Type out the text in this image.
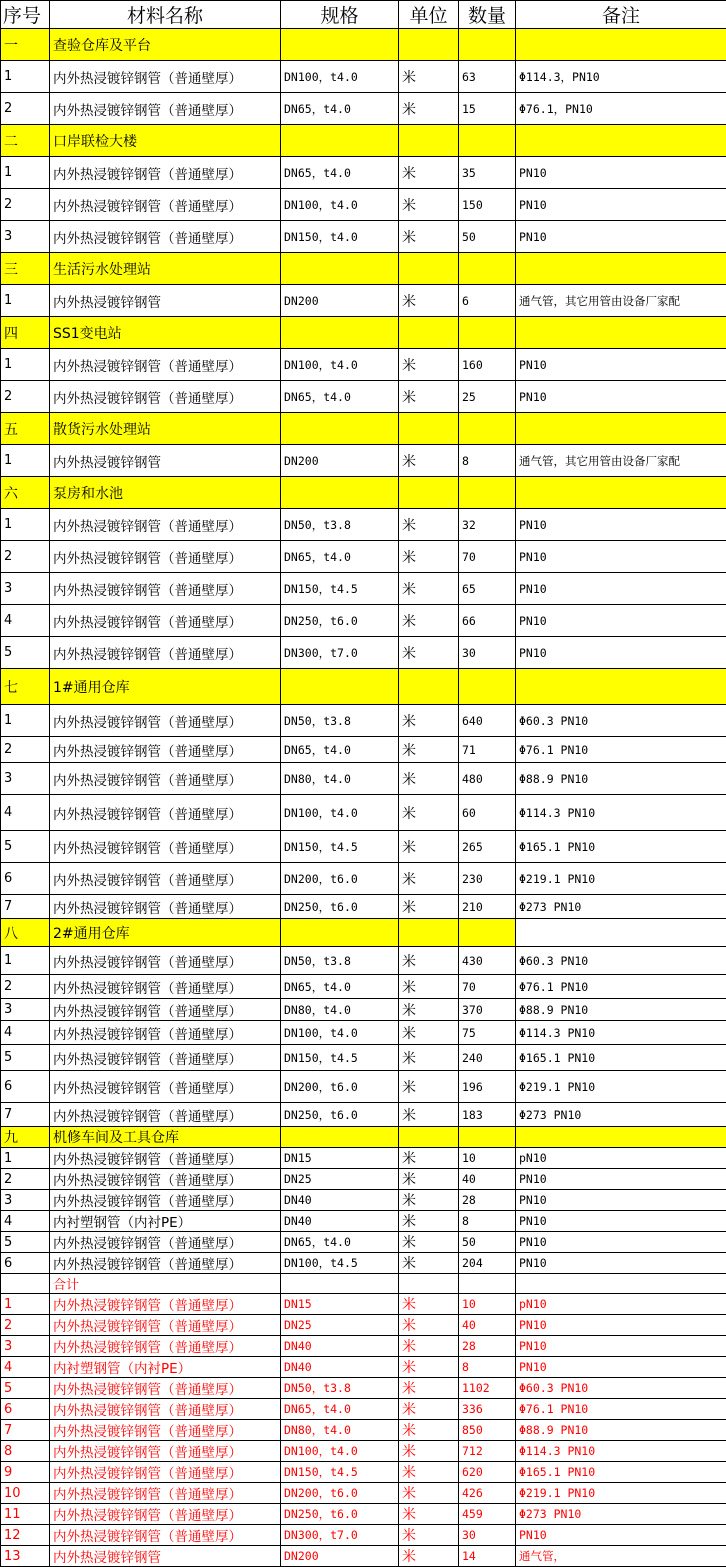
序号	材料名称	规格	单位	数量	备注
一	查验仓库及平台				
1	内外热浸镀锌钢管（普通壁厚）	DN100，t4.0	米	63	Φ114.3，PN10
2	内外热浸镀锌钢管（普通壁厚）	DN65，t4.0	米	15	Φ76.1，PN10
二	口岸联检大楼				
1	内外热浸镀锌钢管（普通壁厚）	DN65，t4.0	米	35	PN10
2	内外热浸镀锌钢管（普通壁厚）	DN100，t4.0	米	150	PN10
3	内外热浸镀锌钢管（普通壁厚）	DN150，t4.0	米	50	PN10
三	生活污水处理站				
1	内外热浸镀锌钢管	DN200	米	6	通气管，其它用管由设备厂家配
四	SS1变电站				
1	内外热浸镀锌钢管（普通壁厚）	DN100，t4.0	米	160	PN10
2	内外热浸镀锌钢管（普通壁厚）	DN65，t4.0	米	25	PN10
五	散货污水处理站				
1	内外热浸镀锌钢管	DN200	米	8	通气管，其它用管由设备厂家配
六	泵房和水池				
1	内外热浸镀锌钢管（普通壁厚）	DN50，t3.8	米	32	PN10
2	内外热浸镀锌钢管（普通壁厚）	DN65，t4.0	米	70	PN10
3	内外热浸镀锌钢管（普通壁厚）	DN150，t4.5	米	65	PN10
4	内外热浸镀锌钢管（普通壁厚）	DN250，t6.0	米	66	PN10
5	内外热浸镀锌钢管（普通壁厚）	DN300，t7.0	米	30	PN10
七	1#通用仓库				
1	内外热浸镀锌钢管（普通壁厚）	DN50，t3.8	米	640	Φ60.3 PN10
2	内外热浸镀锌钢管（普通壁厚）	DN65，t4.0	米	71	Φ76.1 PN10
3	内外热浸镀锌钢管（普通壁厚）	DN80，t4.0	米	480	Φ88.9 PN10
4	内外热浸镀锌钢管（普通壁厚）	DN100，t4.0	米	60	Φ114.3 PN10
5	内外热浸镀锌钢管（普通壁厚）	DN150，t4.5	米	265	Φ165.1 PN10
6	内外热浸镀锌钢管（普通壁厚）	DN200，t6.0	米	230	Φ219.1 PN10
7	内外热浸镀锌钢管（普通壁厚）	DN250，t6.0	米	210	Φ273 PN10
八	2#通用仓库				
1	内外热浸镀锌钢管（普通壁厚）	DN50，t3.8	米	430	Φ60.3 PN10
2	内外热浸镀锌钢管（普通壁厚）	DN65，t4.0	米	70	Φ76.1 PN10
3	内外热浸镀锌钢管（普通壁厚）	DN80，t4.0	米	370	Φ88.9 PN10
4	内外热浸镀锌钢管（普通壁厚）	DN100，t4.0	米	75	Φ114.3 PN10
5	内外热浸镀锌钢管（普通壁厚）	DN150，t4.5	米	240	Φ165.1 PN10
6	内外热浸镀锌钢管（普通壁厚）	DN200，t6.0	米	196	Φ219.1 PN10
7	内外热浸镀锌钢管（普通壁厚）	DN250，t6.0	米	183	Φ273 PN10
九	机修车间及工具仓库				
1	内外热浸镀锌钢管（普通壁厚）	DN15	米	10	pN10
2	内外热浸镀锌钢管（普通壁厚）	DN25	米	40	PN10
3	内外热浸镀锌钢管（普通壁厚）	DN40	米	28	PN10
4	内衬塑钢管（内衬PE）	DN40	米	8	PN10
5	内外热浸镀锌钢管（普通壁厚）	DN65，t4.0	米	50	PN10
6	内外热浸镀锌钢管（普通壁厚）	DN100，t4.5	米	204	PN10
	合计				
1	内外热浸镀锌钢管（普通壁厚）	DN15	米	10	pN10
2	内外热浸镀锌钢管（普通壁厚）	DN25	米	40	PN10
3	内外热浸镀锌钢管（普通壁厚）	DN40	米	28	PN10
4	内衬塑钢管（内衬PE）	DN40	米	8	PN10
5	内外热浸镀锌钢管（普通壁厚）	DN50，t3.8	米	1102	Φ60.3 PN10
6	内外热浸镀锌钢管（普通壁厚）	DN65，t4.0	米	336	Φ76.1 PN10
7	内外热浸镀锌钢管（普通壁厚）	DN80，t4.0	米	850	Φ88.9 PN10
8	内外热浸镀锌钢管（普通壁厚）	DN100，t4.0	米	712	Φ114.3 PN10
9	内外热浸镀锌钢管（普通壁厚）	DN150，t4.5	米	620	Φ165.1 PN10
10	内外热浸镀锌钢管（普通壁厚）	DN200，t6.0	米	426	Φ219.1 PN10
11	内外热浸镀锌钢管（普通壁厚）	DN250，t6.0	米	459	Φ273 PN10
12	内外热浸镀锌钢管（普通壁厚）	DN300，t7.0	米	30	PN10
13	内外热浸镀锌钢管	DN200	米	14	通气管，
